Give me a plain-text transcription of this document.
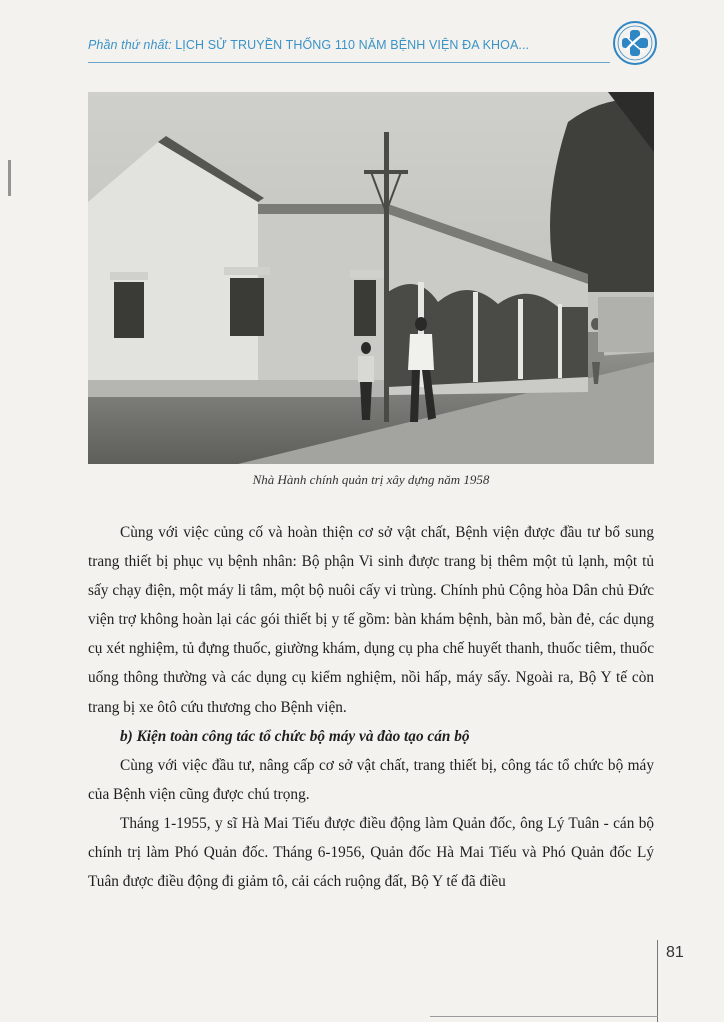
Phần thứ nhất: LỊCH SỬ TRUYỀN THỐNG 110 NĂM BỆNH VIỆN ĐA KHOA...
Nhà Hành chính quản trị xây dựng năm 1958

Cùng với việc củng cố và hoàn thiện cơ sở vật chất, Bệnh viện được đầu tư bổ sung trang thiết bị phục vụ bệnh nhân: Bộ phận Vi sinh được trang bị thêm một tủ lạnh, một tủ sấy chạy điện, một máy li tâm, một bộ nuôi cấy vi trùng. Chính phủ Cộng hòa Dân chủ Đức viện trợ không hoàn lại các gói thiết bị y tế gồm: bàn khám bệnh, bàn mổ, bàn đẻ, các dụng cụ xét nghiệm, tủ đựng thuốc, giường khám, dụng cụ pha chế huyết thanh, thuốc tiêm, thuốc uống thông thường và các dụng cụ kiểm nghiệm, nồi hấp, máy sấy. Ngoài ra, Bộ Y tế còn trang bị xe ôtô cứu thương cho Bệnh viện.

b) Kiện toàn công tác tổ chức bộ máy và đào tạo cán bộ

Cùng với việc đầu tư, nâng cấp cơ sở vật chất, trang thiết bị, công tác tổ chức bộ máy của Bệnh viện cũng được chú trọng.

Tháng 1-1955, y sĩ Hà Mai Tiếu được điều động làm Quản đốc, ông Lý Tuân - cán bộ chính trị làm Phó Quản đốc. Tháng 6-1956, Quản đốc Hà Mai Tiếu và Phó Quản đốc Lý Tuân được điều động đi giảm tô, cải cách ruộng đất, Bộ Y tế đã điều

81
